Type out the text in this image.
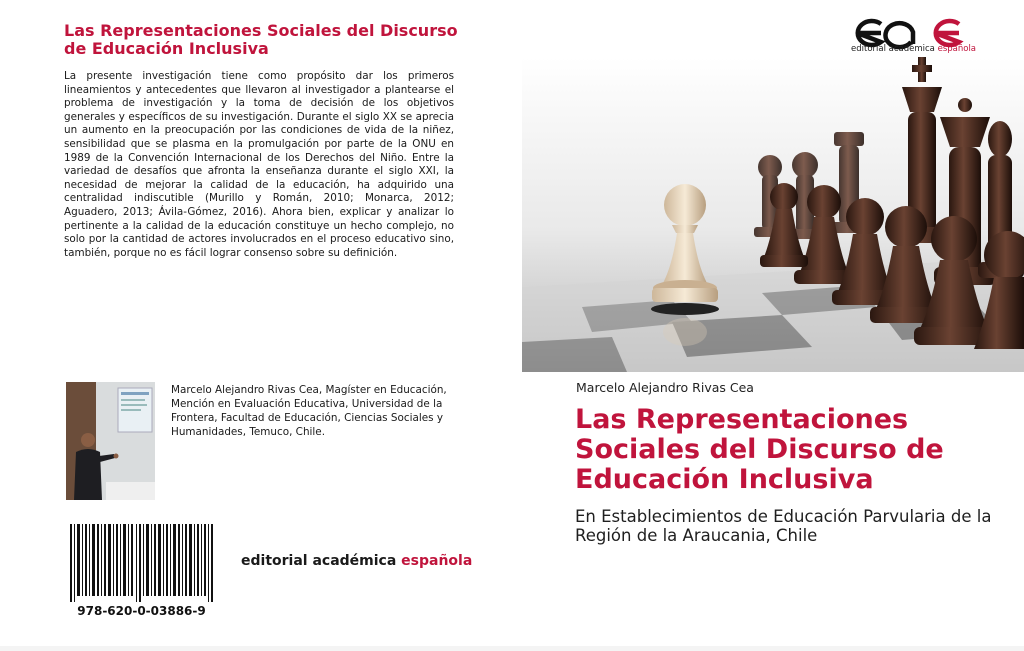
Las Representaciones Sociales del Discurso de Educación Inclusiva
La presente investigación tiene como propósito dar los primeros lineamientos y antecedentes que llevaron al investigador a plantearse el problema de investigación y la toma de decisión de los objetivos generales y específicos de su investigación. Durante el siglo XX se aprecia un aumento en la preocupación por las condiciones de vida de la niñez, sensibilidad que se plasma en la promulgación por parte de la ONU en 1989 de la Convención Internacional de los Derechos del Niño. Entre la variedad de desafíos que afronta la enseñanza durante el siglo XXI, la necesidad de mejorar la calidad de la educación, ha adquirido una centralidad indiscutible (Murillo y Román, 2010; Monarca, 2012; Aguadero, 2013; Ávila-Gómez, 2016). Ahora bien, explicar y analizar lo pertinente a la calidad de la educación constituye un hecho complejo, no solo por la cantidad de actores involucrados en el proceso educativo sino, también, porque no es fácil lograr consenso sobre su definición.
Marcelo Alejandro Rivas Cea, Magíster en Educación, Mención en Evaluación Educativa, Universidad de la Frontera, Facultad de Educación, Ciencias Sociales y Humanidades, Temuco, Chile.
978-620-0-03886-9
editorial académica española
editorial académica española
Marcelo Alejandro Rivas Cea
Las Representaciones Sociales del Discurso de Educación Inclusiva
En Establecimientos de Educación Parvularia de la Región de la Araucania, Chile
